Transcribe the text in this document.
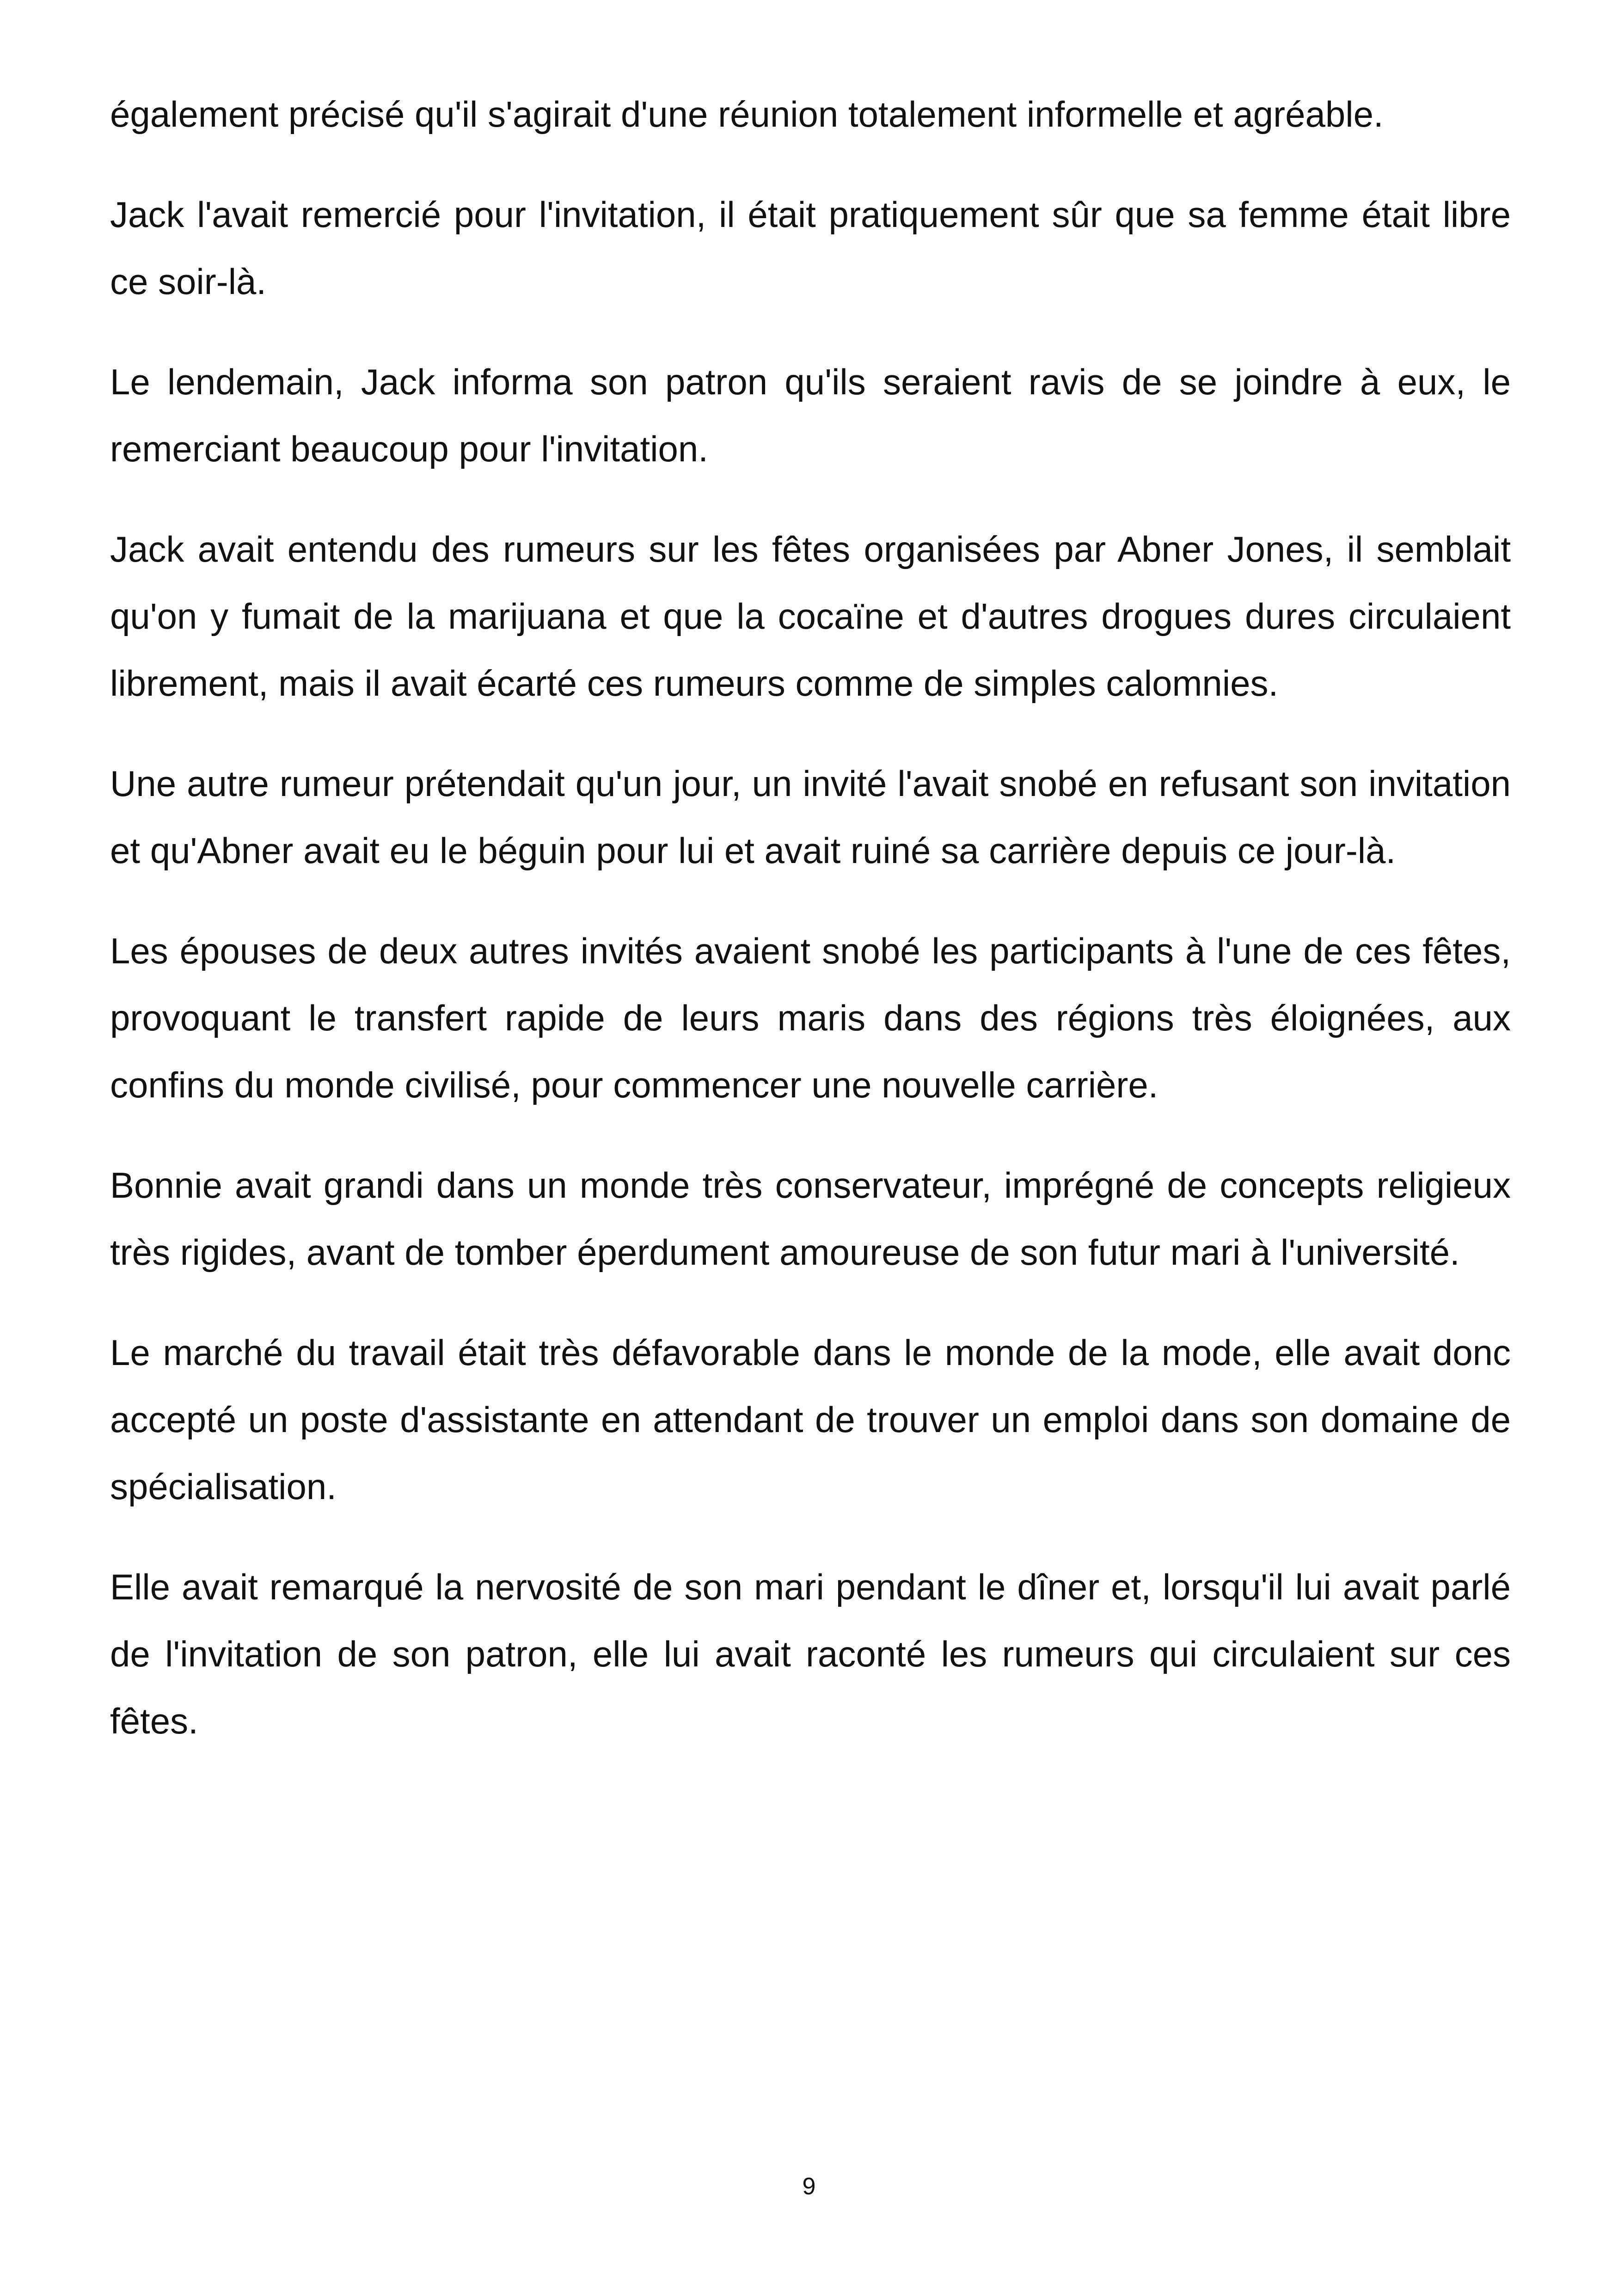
également précisé qu'il s'agirait d'une réunion totalement informelle et agréable.

Jack l'avait remercié pour l'invitation, il était pratiquement sûr que sa femme était libre ce soir-là.

Le lendemain, Jack informa son patron qu'ils seraient ravis de se joindre à eux, le remerciant beaucoup pour l'invitation.

Jack avait entendu des rumeurs sur les fêtes organisées par Abner Jones, il semblait qu'on y fumait de la marijuana et que la cocaïne et d'autres drogues dures circulaient librement, mais il avait écarté ces rumeurs comme de simples calomnies.

Une autre rumeur prétendait qu'un jour, un invité l'avait snobé en refusant son invitation et qu'Abner avait eu le béguin pour lui et avait ruiné sa carrière depuis ce jour-là.

Les épouses de deux autres invités avaient snobé les participants à l'une de ces fêtes, provoquant le transfert rapide de leurs maris dans des régions très éloignées, aux confins du monde civilisé, pour commencer une nouvelle carrière.

Bonnie avait grandi dans un monde très conservateur, imprégné de concepts religieux très rigides, avant de tomber éperdument amoureuse de son futur mari à l'université.

Le marché du travail était très défavorable dans le monde de la mode, elle avait donc accepté un poste d'assistante en attendant de trouver un emploi dans son domaine de spécialisation.

Elle avait remarqué la nervosité de son mari pendant le dîner et, lorsqu'il lui avait parlé de l'invitation de son patron, elle lui avait raconté les rumeurs qui circulaient sur ces fêtes.

9
